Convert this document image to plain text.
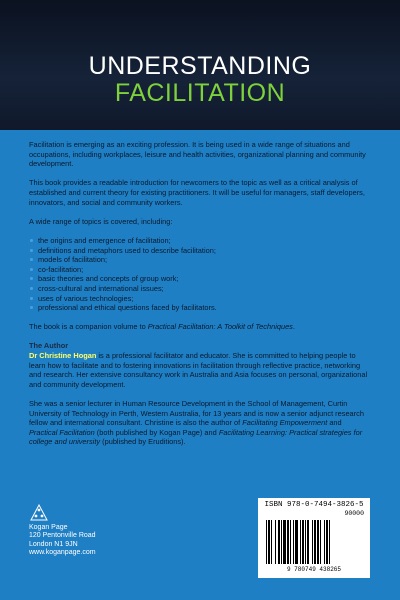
UNDERSTANDING
FACILITATION

Facilitation is emerging as an exciting profession. It is being used in a wide range of situations and occupations, including workplaces, leisure and health activities, organizational planning and community development.

This book provides a readable introduction for newcomers to the topic as well as a critical analysis of established and current theory for existing practitioners. It will be useful for managers, staff developers, innovators, and social and community workers.

A wide range of topics is covered, including:

the origins and emergence of facilitation;
definitions and metaphors used to describe facilitation;
models of facilitation;
co-facilitation;
basic theories and concepts of group work;
cross-cultural and international issues;
uses of various technologies;
professional and ethical questions faced by facilitators.

The book is a companion volume to Practical Facilitation: A Toolkit of Techniques.

The Author
Dr Christine Hogan is a professional facilitator and educator. She is committed to helping people to learn how to facilitate and to fostering innovations in facilitation through reflective practice, networking and research. Her extensive consultancy work in Australia and Asia focuses on personal, organizational and community development.

She was a senior lecturer in Human Resource Development in the School of Management, Curtin University of Technology in Perth, Western Australia, for 13 years and is now a senior adjunct research fellow and international consultant. Christine is also the author of Facilitating Empowerment and Practical Facilitation (both published by Kogan Page) and Facilitating Learning: Practical strategies for college and university (published by Eruditions).

Kogan Page
120 Pentonville Road
London N1 9JN
www.koganpage.com
ISBN 978-0-7494-3826-5
90000
9 780749 438265
